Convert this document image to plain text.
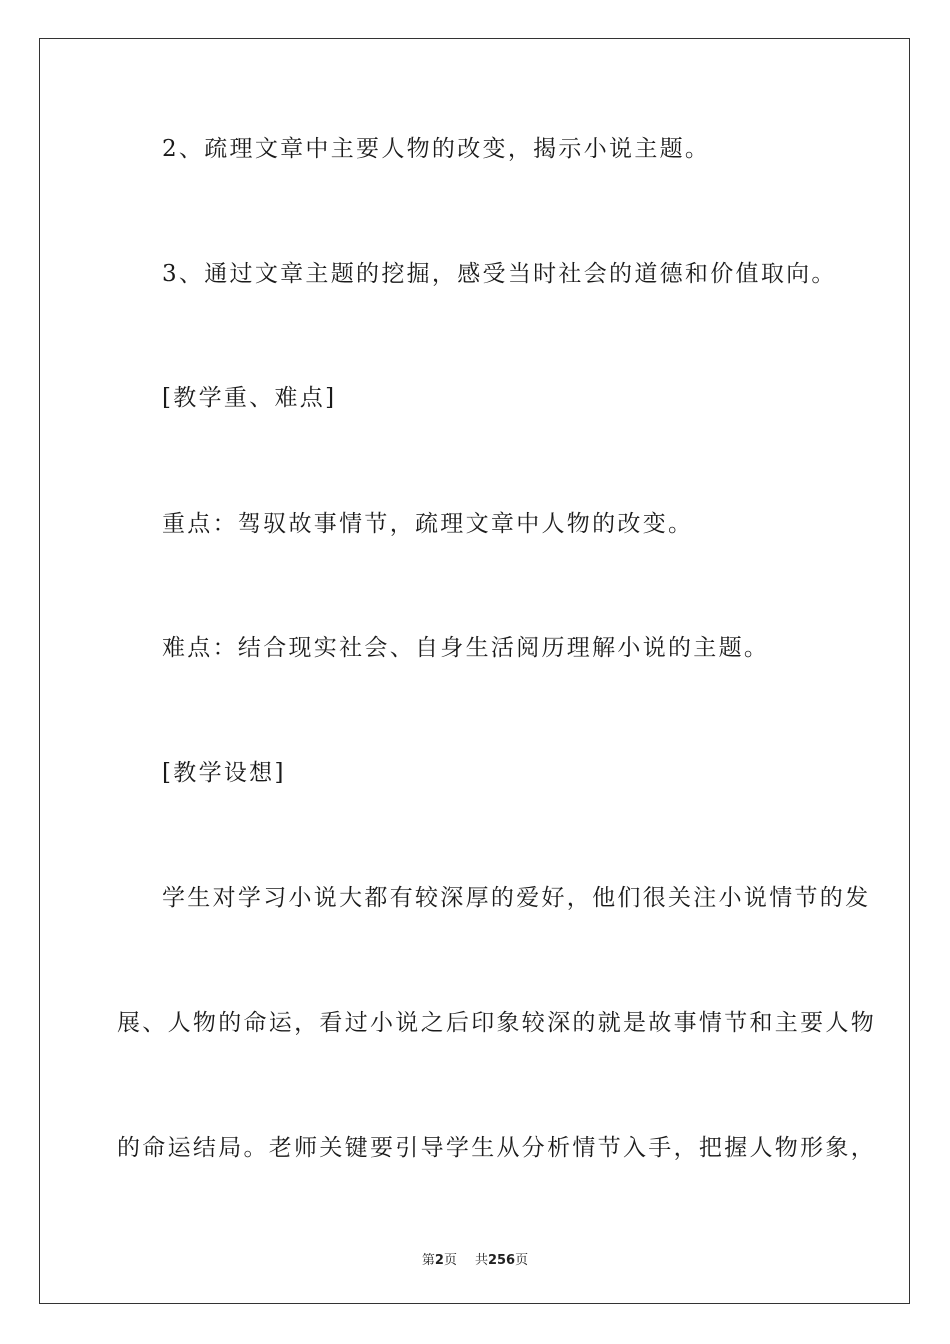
2、疏理文章中主要人物的改变，揭示小说主题。
3、通过文章主题的挖掘，感受当时社会的道德和价值取向。
[教学重、难点]
重点：驾驭故事情节，疏理文章中人物的改变。
难点：结合现实社会、自身生活阅历理解小说的主题。
[教学设想]
学生对学习小说大都有较深厚的爱好，他们很关注小说情节的发
展、人物的命运，看过小说之后印象较深的就是故事情节和主要人物
的命运结局。老师关键要引导学生从分析情节入手，把握人物形象，
第2页 共256页
